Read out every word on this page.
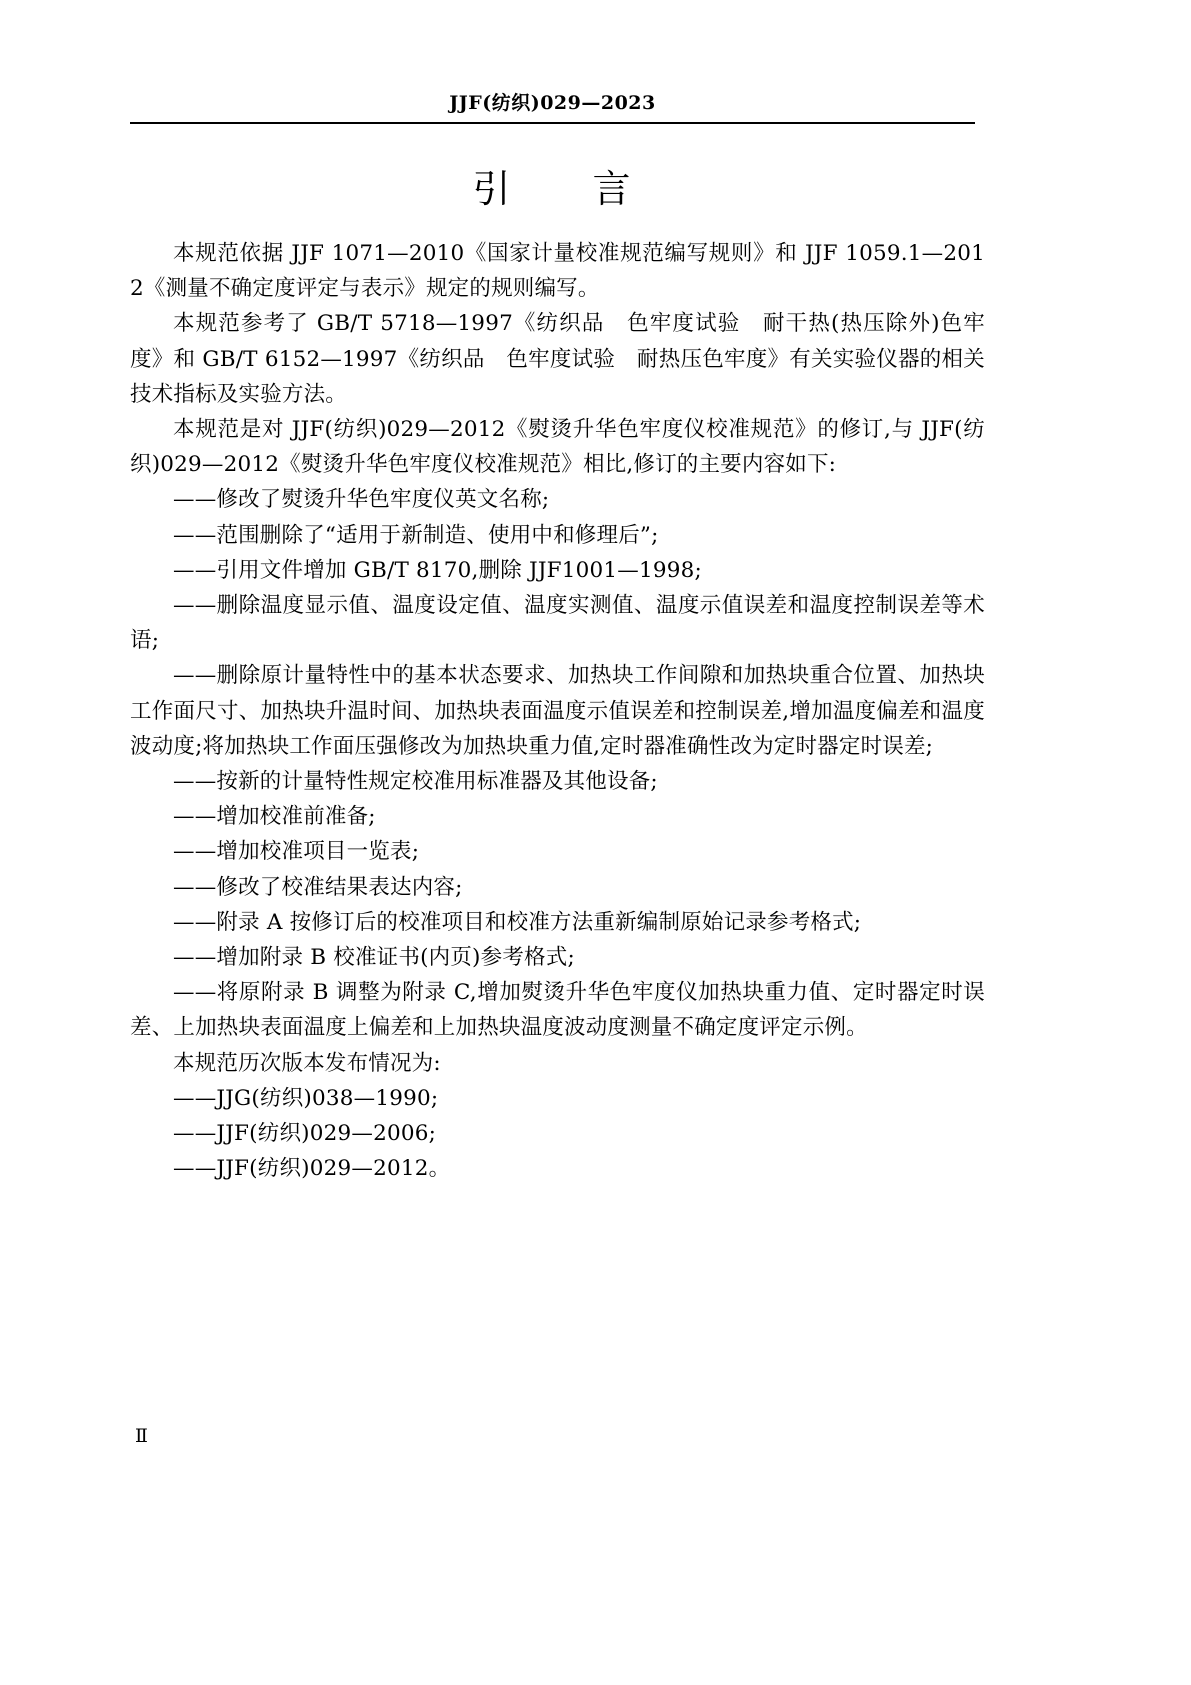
JJF(纺织)029—2023
引　　言

本规范依据 JJF 1071—2010《国家计量校准规范编写规则》和 JJF 1059.1—2012《测量不确定度评定与表示》规定的规则编写。

本规范参考了 GB/T 5718—1997《纺织品　色牢度试验　耐干热(热压除外)色牢度》和 GB/T 6152—1997《纺织品　色牢度试验　耐热压色牢度》有关实验仪器的相关技术指标及实验方法。

本规范是对 JJF(纺织)029—2012《熨烫升华色牢度仪校准规范》的修订,与 JJF(纺织)029—2012《熨烫升华色牢度仪校准规范》相比,修订的主要内容如下:

——修改了熨烫升华色牢度仪英文名称;

——范围删除了“适用于新制造、使用中和修理后”;

——引用文件增加 GB/T 8170,删除 JJF1001—1998;

——删除温度显示值、温度设定值、温度实测值、温度示值误差和温度控制误差等术语;

——删除原计量特性中的基本状态要求、加热块工作间隙和加热块重合位置、加热块工作面尺寸、加热块升温时间、加热块表面温度示值误差和控制误差,增加温度偏差和温度波动度;将加热块工作面压强修改为加热块重力值,定时器准确性改为定时器定时误差;

——按新的计量特性规定校准用标准器及其他设备;

——增加校准前准备;

——增加校准项目一览表;

——修改了校准结果表达内容;

——附录 A 按修订后的校准项目和校准方法重新编制原始记录参考格式;

——增加附录 B 校准证书(内页)参考格式;

——将原附录 B 调整为附录 C,增加熨烫升华色牢度仪加热块重力值、定时器定时误差、上加热块表面温度上偏差和上加热块温度波动度测量不确定度评定示例。

本规范历次版本发布情况为:

——JJG(纺织)038—1990;

——JJF(纺织)029—2006;

——JJF(纺织)029—2012。

Ⅱ
